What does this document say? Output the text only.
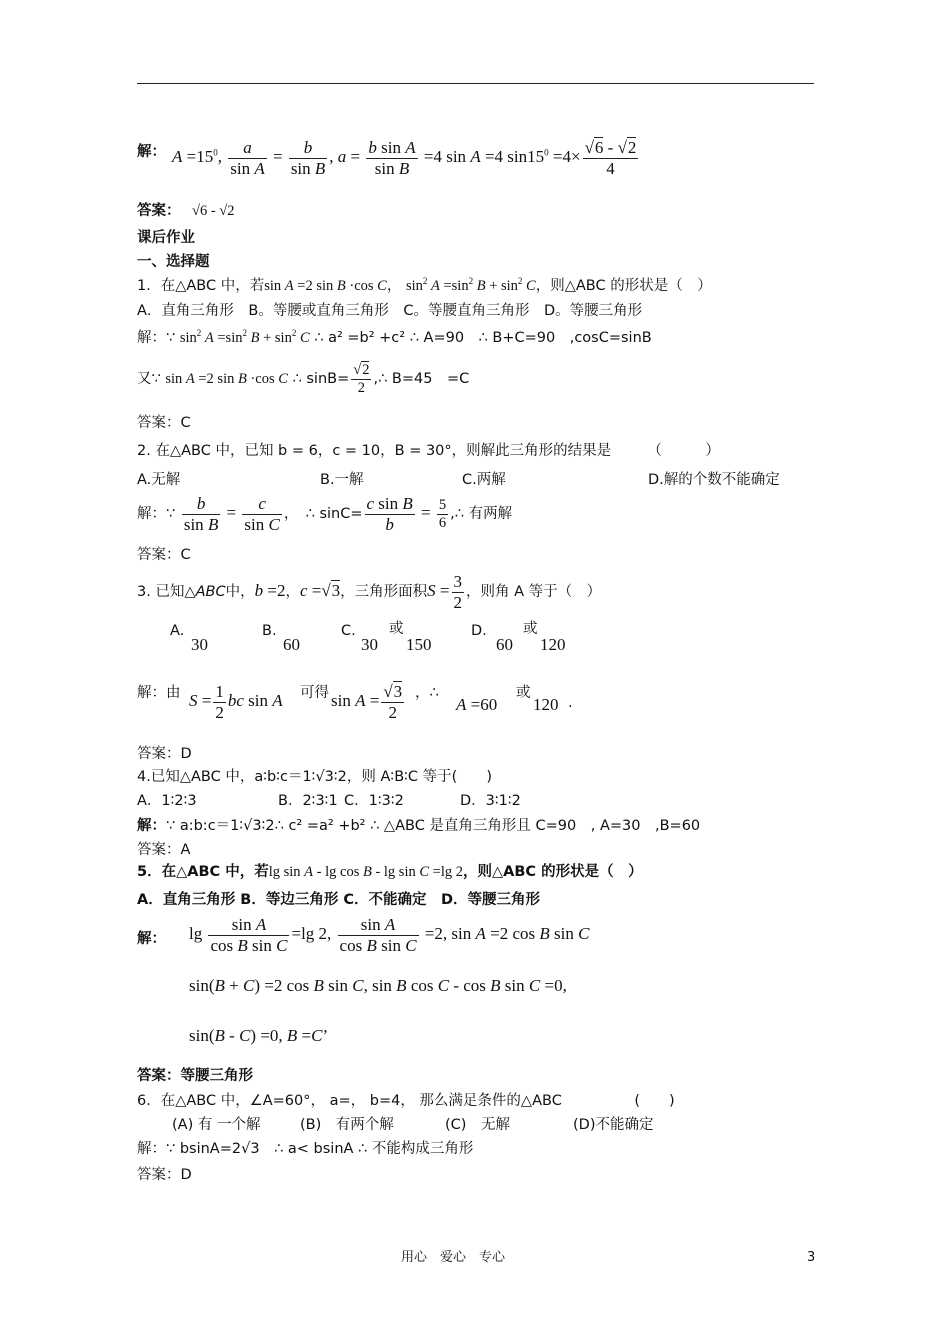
解： $A =15^0$, $\frac{a}{\text{sin A}} = \frac{b}{\text{sin B}}$ , $a = \frac{\text{b sin A}}{\text{sin B}} =4$ sin A =4 $\sin 15^0 =4\times \frac{√6 - √2}{4}$
答案： √6 - √2
课后作业
一、选择题
1．在△ABC 中，若sin A =2 sin B ·cos C， $\sin^2 A =\sin^2$ $B + \sin^2 C$，则△ABC 的形状是（　）
A．直角三角形　B。等腰或直角三角形　C。等腰直角三角形　D。等腰三角形
解：∵ $\sin^2 A =\sin^2$ $B + \sin^2 C$ ∴ a² =b² +c² ∴ A=90　∴ B+C=90　,cosC=sinB
又∵ sin A =2 sin B ·cos C ∴ $\sin B= \frac{√2}{2}$ ,∴ B=45　=C
答案：C
2. 在△ABC 中，已知 b = 6，c = 10，B = 30°，则解此三角形的结果是　　　（　　　）
A.无解	B.一解	C.两解	D.解的个数不能确定
解：∵ $\frac{b}{\text{sin B}} = \frac{c}{\text{sin C}}$ ，　∴ $\sin C= \frac{\text{c sin B}}{b} = \frac{5}{6}$ ,∴ 有两解
答案：C
3. 已知△ABC中，b =2，c =√3，三角形面积$S = \frac{3}{2}$ ，则角 A 等于（　）
A.
30
B.
60
C.
30
或
150
D.
60
或
120
解：由 $S = \frac{1}{2}$ bc sin A 可得 $\sin A = \frac{√3}{2}$ ，∴
A =60
或
120 .
答案：D
4.已知△ABC 中，a∶b∶c＝1∶√3∶2，则 A∶B∶C 等于(　　)
A．1∶2∶3	B．2∶3∶1 C．1∶3∶2	D．3∶1∶2
解：∵ a:b:c＝1∶√3∶2∴ c² =a² +b² ∴ △ABC 是直角三角形且 C=90　, A=30　,B=60
答案：A
5．在△ABC 中，若lg sin A - lg cos B - lg sin C =lg 2，则△ABC 的形状是（　）
A．直角三角形 B．等边三角形 C．不能确定　D．等腰三角形
解： $\lg \frac{\text{sin A}}{\text{cos B sin C}} =\lg$ 2, $\frac{\text{sin A}}{\text{cos B sin C}} =2$, sin A =2 cos B sin C
sin(B + C) =2 cos B sin C, sin B cos C - cos B sin C =0,
sin(B - C) =0, B =C’
答案：等腰三角形
6．在△ABC 中，∠A=60°， a=， b=4， 那么满足条件的△ABC　　　　　(　　)
(A) 有 一个解	(B)　有两个解	(C)　无解	(D)不能确定
解：∵ bsinA=2√3　∴ a< bsinA ∴ 不能构成三角形
答案：D
用心　爱心　专心	3
